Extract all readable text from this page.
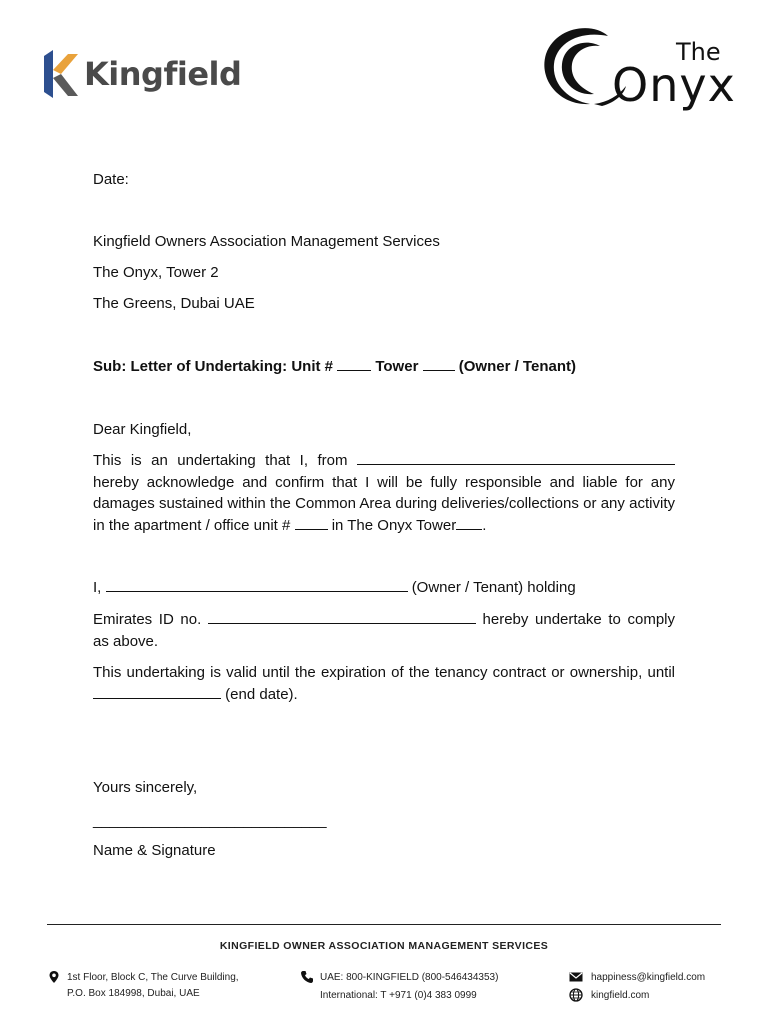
Kingfield
The
Onyx
Date:
Kingfield Owners Association Management Services
The Onyx, Tower 2
The Greens, Dubai UAE
Sub: Letter of Undertaking: Unit #	Tower	(Owner / Tenant)
Dear Kingfield,
This is an undertaking that I, from  hereby acknowledge and confirm that I will be fully responsible and liable for any damages sustained within the Common Area during deliveries/collections or any activity in the apartment / office unit #	in The Onyx Tower .
I,	(Owner / Tenant) holding
Emirates ID no.	hereby undertake to comply as above.
This undertaking is valid until the expiration of the tenancy contract or ownership, until  (end date).
Yours sincerely,
____________________________
Name & Signature
KINGFIELD OWNER ASSOCIATION MANAGEMENT SERVICES
1st Floor, Block C, The Curve Building,
P.O. Box 184998, Dubai, UAE
UAE: 800-KINGFIELD (800-546434353)
International: T +971 (0)4 383 0999
happiness@kingfield.com
kingfield.com
